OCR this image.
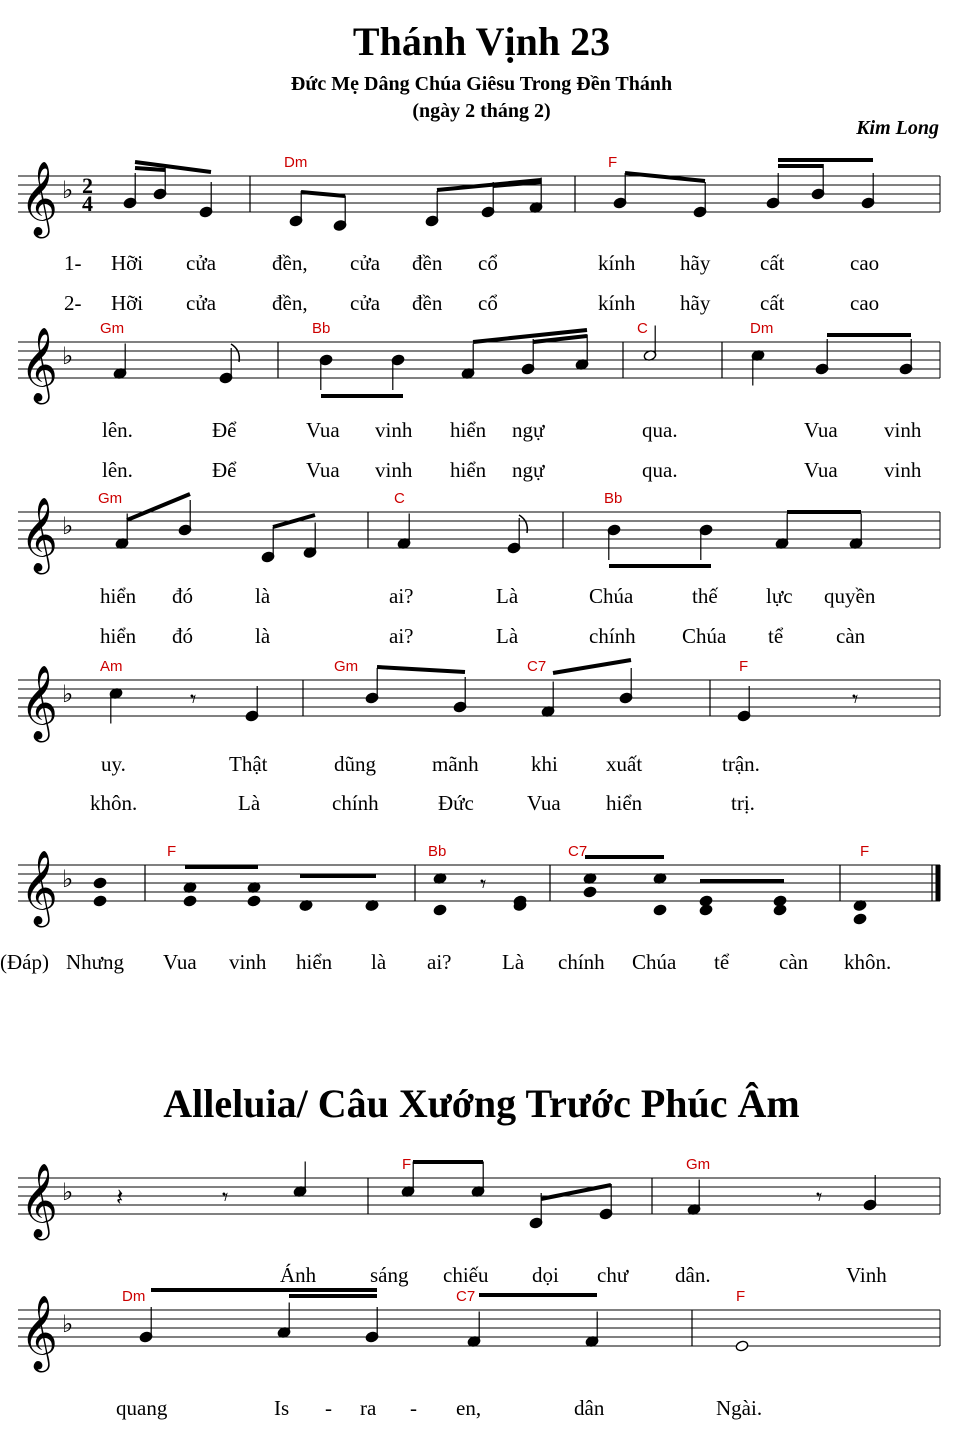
Thánh Vịnh 23
Đức Mẹ Dâng Chúa Giêsu Trong Đền Thánh
(ngày 2 tháng 2)
Kim Long
Alleluia/ Câu Xướng Trước Phúc Âm
𝄞 ♭ 2
4
𝄞 ♭
𝄞 ♭
𝄞 ♭
𝄞 ♭
𝄞 ♭
𝄞 ♭
𝄾	𝄾
𝄾
𝄽	𝄾	𝄾
Dm	F
Gm	Bb	C	Dm
Gm	C	Bb
Am	Gm	C7	F
F	Bb	C7	F
F	Gm
Dm	C7	F
1-
2-
Hỡi cửa	đền, cửa đền cổ	kính hãy cất	cao
Hỡi cửa	đền, cửa đền cổ	kính hãy cất	cao
lên.	Để	Vua vinh hiển ngự	qua.	Vua vinh
lên.	Để	Vua vinh hiển ngự	qua.	Vua vinh
hiển đó	là	ai?	Là	Chúa	thế lực quyền
hiển đó	là	ai?	Là	chính Chúa tể	càn
uy.	Thật	dũng	mãnh khi xuất	trận.
khôn.	Là	chính	Đức	Vua hiển	trị.
(Đáp) Nhưng Vua vinh hiển là ai? Là chính Chúa tể càn khôn.
Ánh	sáng chiếu dọi chư dân.	Vinh
quang	Is - ra - en,	dân	Ngài.
